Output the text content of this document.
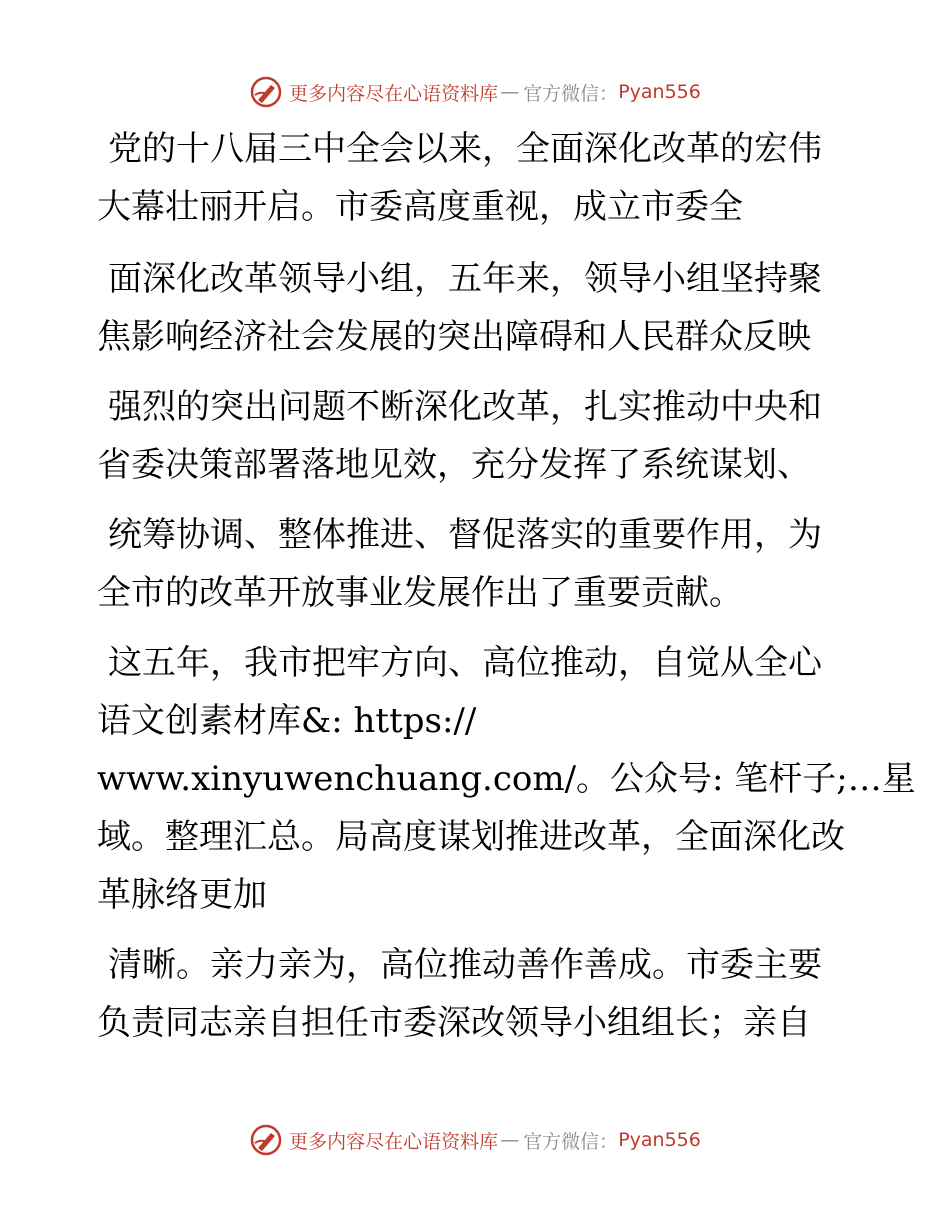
更多内容尽在心语资料库 — 官方微信： Pyan556

党的十八届三中全会以来，全面深化改革的宏伟
大幕壮丽开启。市委高度重视，成立市委全

面深化改革领导小组，五年来，领导小组坚持聚
焦影响经济社会发展的突出障碍和人民群众反映

强烈的突出问题不断深化改革，扎实推动中央和
省委决策部署落地见效，充分发挥了系统谋划、

统筹协调、整体推进、督促落实的重要作用，为
全市的改革开放事业发展作出了重要贡献。

这五年，我市把牢方向、高位推动，自觉从全心
语文创素材库&: https://
www.xinyuwenchuang.com/。公众号: 笔杆子;…星
域。整理汇总。局高度谋划推进改革，全面深化改
革脉络更加

清晰。亲力亲为，高位推动善作善成。市委主要
负责同志亲自担任市委深改领导小组组长；亲自

更多内容尽在心语资料库 — 官方微信： Pyan556
